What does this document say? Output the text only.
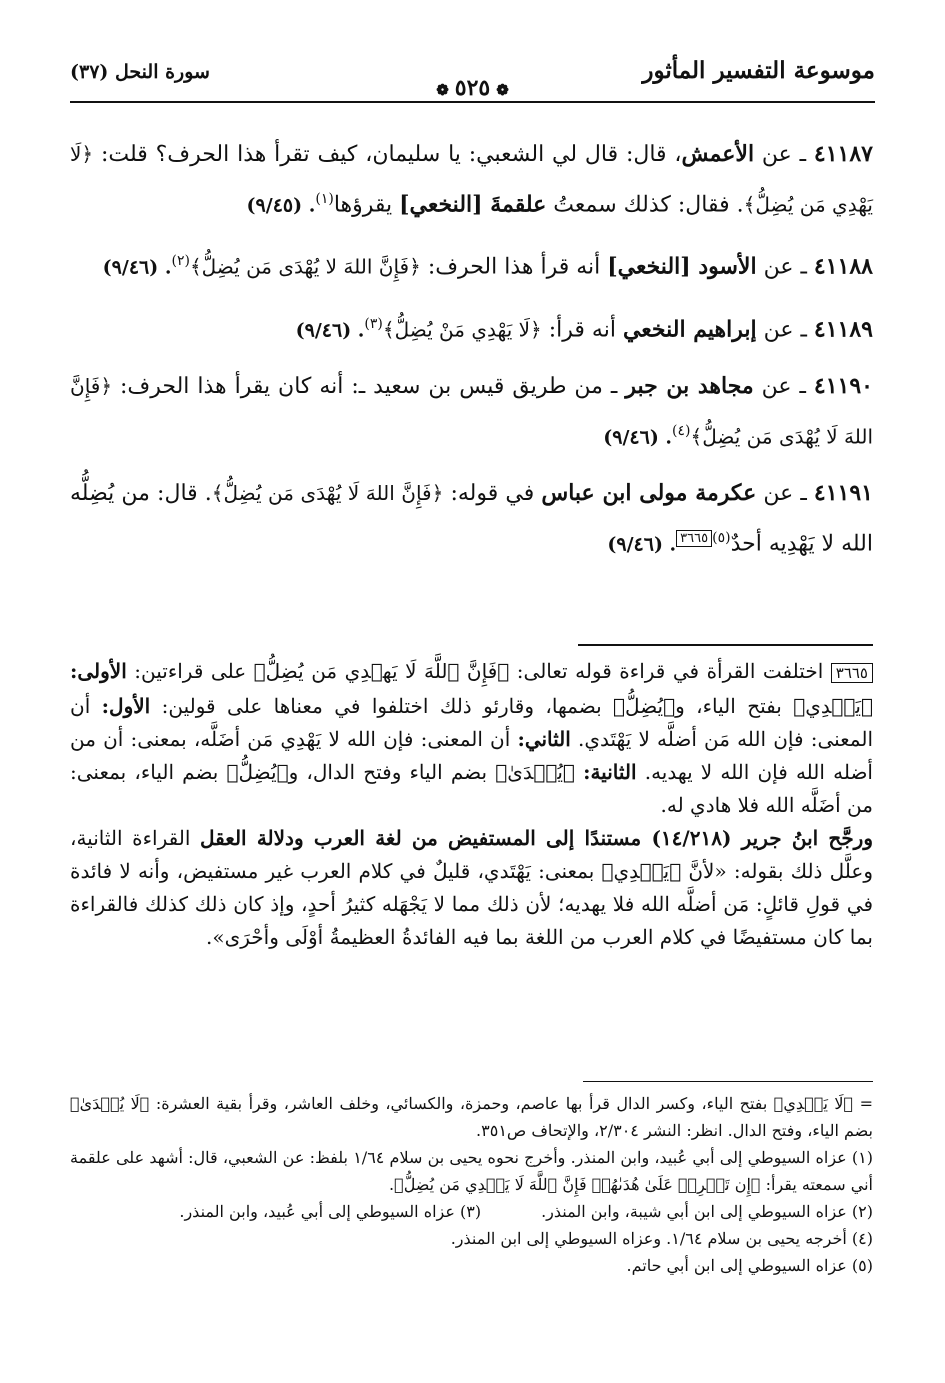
موسوعة التفسير المأثور
❁٥٢٥❁
سورة النحل (٣٧)

٤١١٨٧ ـ عن الأعمش، قال: قال لي الشعبي: يا سليمان، كيف تقرأ هذا الحرف؟ قلت: ﴿لَا يَهْدِي مَن يُضِلُّ﴾. فقال: كذلك سمعتُ علقمةَ [النخعي] يقرؤها$^{(١)}$. (٩/٤٥)

٤١١٨٨ ـ عن الأسود [النخعي] أنه قرأ هذا الحرف: ﴿فَإِنَّ اللهَ لا يُهْدَى مَن يُضِلُّ﴾$^{(٢)}$. (٩/٤٦)

٤١١٨٩ ـ عن إبراهيم النخعي أنه قرأ: ﴿لَا يَهْدِي مَنْ يُضِلُّ﴾$^{(٣)}$. (٩/٤٦)

٤١١٩٠ ـ عن مجاهد بن جبر ـ من طريق قيس بن سعيد ـ: أنه كان يقرأ هذا الحرف: ﴿فَإِنَّ اللهَ لَا يُهْدَى مَن يُضِلُّ﴾$^{(٤)}$. (٩/٤٦)

٤١١٩١ ـ عن عكرمة مولى ابن عباس في قوله: ﴿فَإِنَّ اللهَ لَا يُهْدَى مَن يُضِلُّ﴾. قال: من يُضِلُّه الله لا يَهْدِيه أحدٌ$^{(٥)٣٦٦٥}$. (٩/٤٦)

٣٦٦٥ اختلفت القرأة في قراءة قوله تعالى: ﴿فَإِنَّ ٱللَّهَ لَا يَهۡدِي مَن يُضِلُّ﴾ على قراءتين: الأولى: ﴿يَهۡدِي﴾ بفتح الياء، و﴿يُضِلُّ﴾ بضمها، وقارئو ذلك اختلفوا في معناها على قولين: الأول: أن المعنى: فإن الله مَن أضلَّه لا يَهْتَدي. الثاني: أن المعنى: فإن الله لا يَهْدِي مَن أضَلَّه، بمعنى: أن من أضله الله فإن الله لا يهديه. الثانية: ﴿يُهۡدَىٰ﴾ بضم الياء وفتح الدال، و﴿يُضِلُّ﴾ بضم الياء، بمعنى: من أضَلَّه الله فلا هادي له.

ورجَّح ابنُ جرير (١٤/٢١٨) مستندًا إلى المستفيض من لغة العرب ودلالة العقل القراءة الثانية، وعلَّل ذلك بقوله: «لأنَّ ﴿يَهۡدِي﴾ بمعنى: يَهْتَدي، قليلٌ في كلام العرب غير مستفيض، وأنه لا فائدة في قولِ قائلٍ: مَن أضلَّه الله فلا يهديه؛ لأن ذلك مما لا يَجْهَله كثيرُ أحدٍ، وإذ كان ذلك كذلك فالقراءة بما كان مستفيضًا في كلام العرب من اللغة بما فيه الفائدةُ العظيمةُ أوْلَى وأحْرَى».

= ﴿لَا يَهۡدِي﴾ بفتح الياء، وكسر الدال قرأ بها عاصم، وحمزة، والكسائي، وخلف العاشر، وقرأ بقية العشرة: ﴿لَا يُهۡدَىٰ﴾ بضم الياء، وفتح الدال. انظر: النشر ٢/٣٠٤، والإتحاف ص٣٥١.

(١) عزاه السيوطي إلى أبي عُبيد، وابن المنذر. وأخرج نحوه يحيى بن سلام ١/٦٤ بلفظ: عن الشعبي، قال: أشهد على علقمة أني سمعته يقرأ: ﴿إِن تَحۡرِصۡ عَلَىٰ هُدَىٰهُمۡ فَإِنَّ ٱللَّهَ لَا يَهۡدِي مَن يُضِلُّ﴾.

(٢) عزاه السيوطي إلى ابن أبي شيبة، وابن المنذر.
(٣) عزاه السيوطي إلى أبي عُبيد، وابن المنذر.

(٤) أخرجه يحيى بن سلام ١/٦٤. وعزاه السيوطي إلى ابن المنذر.

(٥) عزاه السيوطي إلى ابن أبي حاتم.
